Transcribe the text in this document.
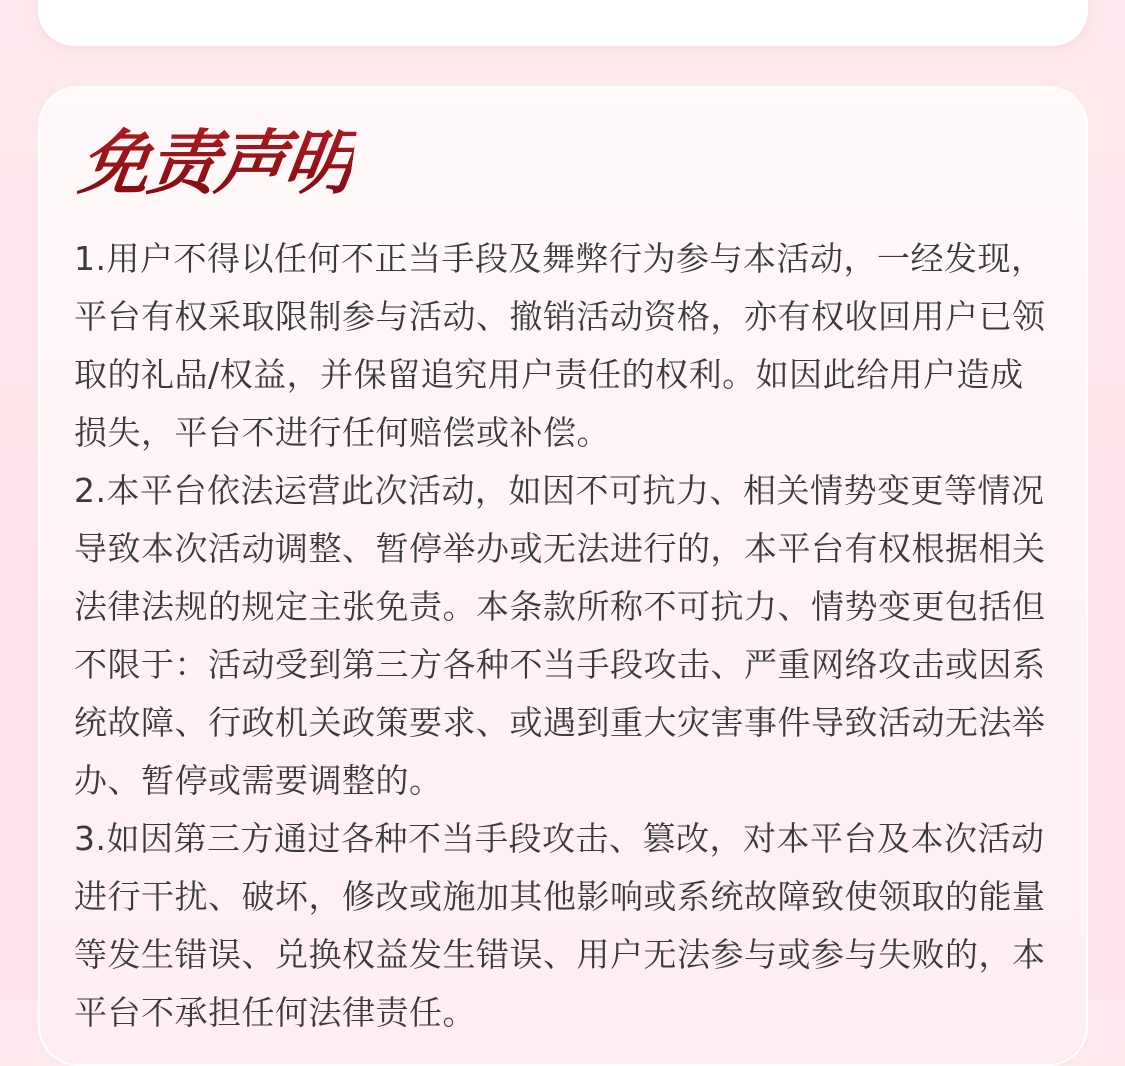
免责声明

1.用户不得以任何不正当手段及舞弊行为参与本活动，一经发现，平台有权采取限制参与活动、撤销活动资格，亦有权收回用户已领取的礼品/权益，并保留追究用户责任的权利。如因此给用户造成损失，平台不进行任何赔偿或补偿。

2.本平台依法运营此次活动，如因不可抗力、相关情势变更等情况导致本次活动调整、暂停举办或无法进行的，本平台有权根据相关法律法规的规定主张免责。本条款所称不可抗力、情势变更包括但不限于：活动受到第三方各种不当手段攻击、严重网络攻击或因系统故障、行政机关政策要求、或遇到重大灾害事件导致活动无法举办、暂停或需要调整的。

3.如因第三方通过各种不当手段攻击、篡改，对本平台及本次活动进行干扰、破坏，修改或施加其他影响或系统故障致使领取的能量等发生错误、兑换权益发生错误、用户无法参与或参与失败的，本平台不承担任何法律责任。
